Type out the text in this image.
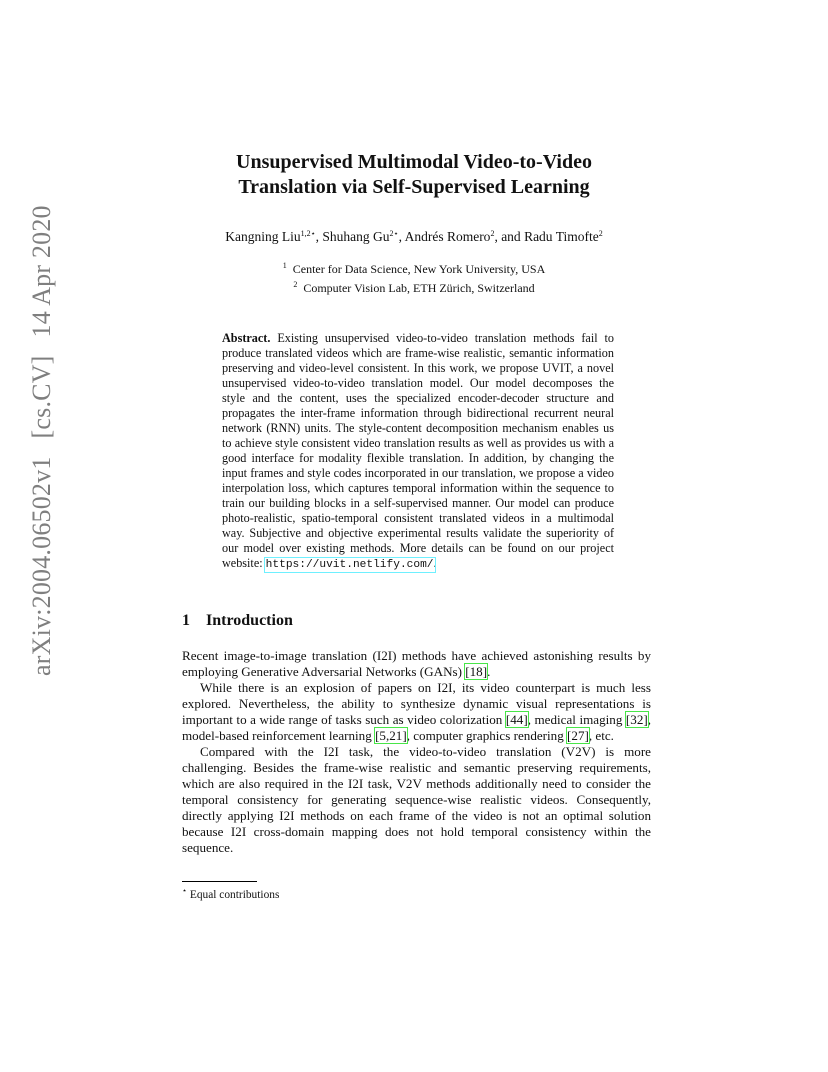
arXiv:2004.06502v1[cs.CV]14 Apr 2020
Unsupervised Multimodal Video-to-Video
Translation via Self-Supervised Learning
Kangning Liu$^{1,2⋆}$, Shuhang $Gu^{2⋆}$, Andrés Romero$^2$, and Radu Timofte$^2$
$^1$ Center for Data Science, New York University, USA
$^2$ Computer Vision Lab, ETH Zürich, Switzerland
Abstract. Existing unsupervised video-to-video translation methods fail to produce translated videos which are frame-wise realistic, semantic information preserving and video-level consistent. In this work, we propose UVIT, a novel unsupervised video-to-video translation model. Our model decomposes the style and the content, uses the specialized encoder-decoder structure and propagates the inter-frame information through bidirectional recurrent neural network (RNN) units. The style-content decomposition mechanism enables us to achieve style consistent video translation results as well as provides us with a good interface for modality flexible translation. In addition, by changing the input frames and style codes incorporated in our translation, we propose a video interpolation loss, which captures temporal information within the sequence to train our building blocks in a self-supervised manner. Our model can produce photo-realistic, spatio-temporal consistent translated videos in a multimodal way. Subjective and objective experimental results validate the superiority of our model over existing methods. More details can be found on our project website: https://uvit.netlify.com/.
1 Introduction

Recent image-to-image translation (I2I) methods have achieved astonishing results by employing Generative Adversarial Networks (GANs) [18].

While there is an explosion of papers on I2I, its video counterpart is much less explored. Nevertheless, the ability to synthesize dynamic visual representations is important to a wide range of tasks such as video colorization [44], medical imaging [32], model-based reinforcement learning [5,21], computer graphics rendering [27], etc.

Compared with the I2I task, the video-to-video translation (V2V) is more challenging. Besides the frame-wise realistic and semantic preserving requirements, which are also required in the I2I task, V2V methods additionally need to consider the temporal consistency for generating sequence-wise realistic videos. Consequently, directly applying I2I methods on each frame of the video is not an optimal solution because I2I cross-domain mapping does not hold temporal consistency within the sequence.

⋆ Equal contributions
